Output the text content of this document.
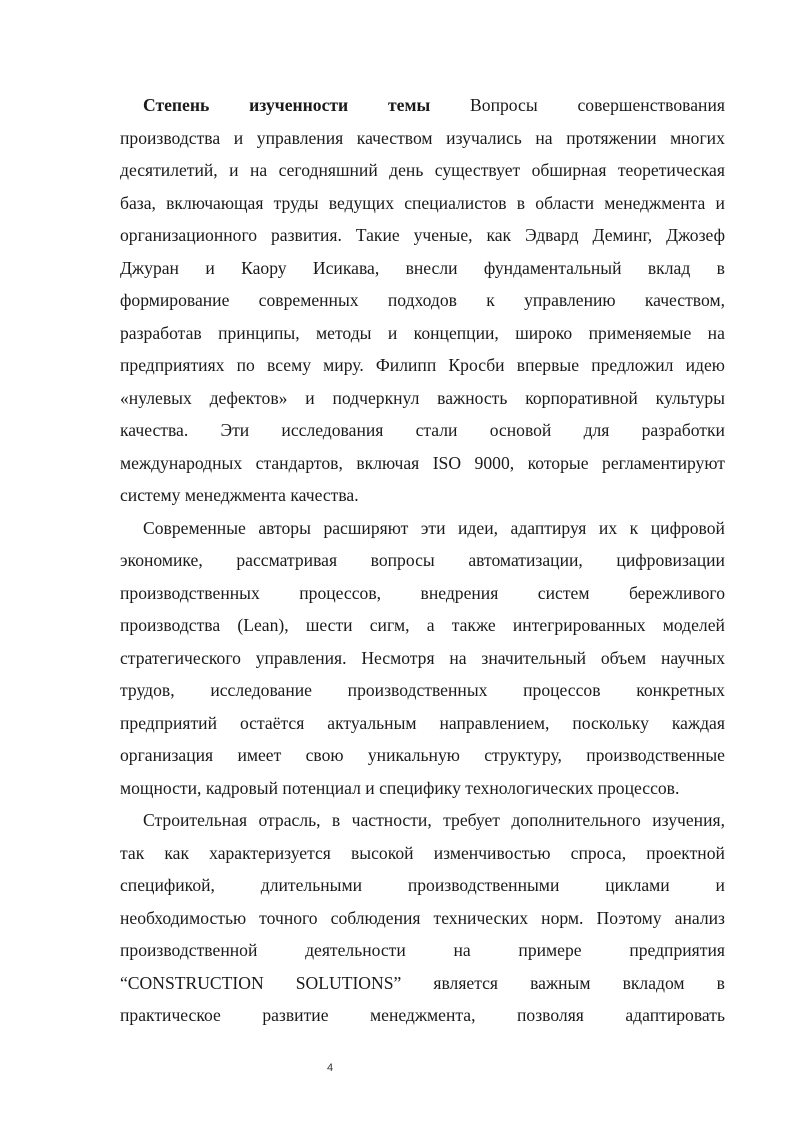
Степень изученности темы Вопросы совершенствования
производства и управления качеством изучались на протяжении многих
десятилетий, и на сегодняшний день существует обширная теоретическая
база, включающая труды ведущих специалистов в области менеджмента и
организационного развития. Такие ученые, как Эдвард Деминг, Джозеф
Джуран и Каору Исикава, внесли фундаментальный вклад в
формирование современных подходов к управлению качеством,
разработав принципы, методы и концепции, широко применяемые на
предприятиях по всему миру. Филипп Кросби впервые предложил идею
«нулевых дефектов» и подчеркнул важность корпоративной культуры
качества. Эти исследования стали основой для разработки
международных стандартов, включая ISO 9000, которые регламентируют
систему менеджмента качества.
Современные авторы расширяют эти идеи, адаптируя их к цифровой
экономике, рассматривая вопросы автоматизации, цифровизации
производственных процессов, внедрения систем бережливого
производства (Lean), шести сигм, а также интегрированных моделей
стратегического управления. Несмотря на значительный объем научных
трудов, исследование производственных процессов конкретных
предприятий остаётся актуальным направлением, поскольку каждая
организация имеет свою уникальную структуру, производственные
мощности, кадровый потенциал и специфику технологических процессов.
Строительная отрасль, в частности, требует дополнительного изучения,
так как характеризуется высокой изменчивостью спроса, проектной
спецификой,	длительными	производственными	циклами	и
необходимостью точного соблюдения технических норм. Поэтому анализ
производственной	деятельности	на	примере	предприятия
“CONSTRUCTION SOLUTIONS” является важным вкладом в
практическое развитие менеджмента, позволяя адаптировать
4
